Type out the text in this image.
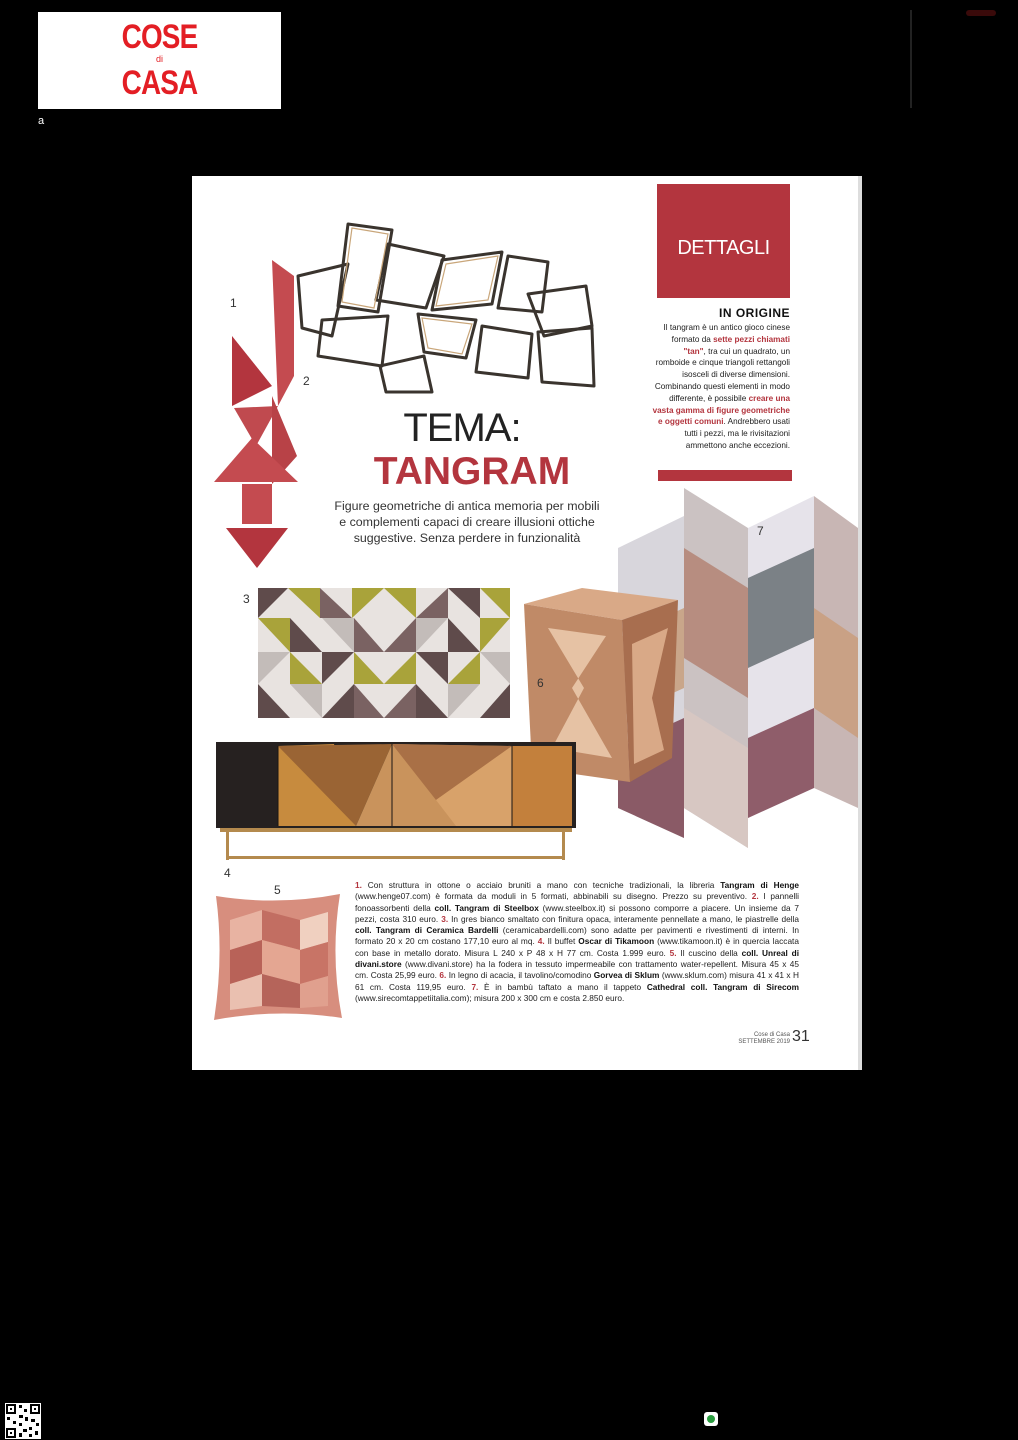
COSE
di
CASA
a
DETTAGLI
IN ORIGINE
Il tangram è un antico gioco cinese formato da sette pezzi chiamati "tan", tra cui un quadrato, un romboide e cinque triangoli rettangoli isosceli di diverse dimensioni. Combinando questi elementi in modo differente, è possibile creare una vasta gamma di figure geometriche e oggetti comuni. Andrebbero usati tutti i pezzi, ma le rivisitazioni ammettono anche eccezioni.
TEMA:
TANGRAM
Figure geometriche di antica memoria per mobili e complementi capaci di creare illusioni ottiche suggestive. Senza perdere in funzionalità
1
2
3
4
5
6
7
1. Con struttura in ottone o acciaio bruniti a mano con tecniche tradizionali, la libreria Tangram di Henge (www.henge07.com) è formata da moduli in 5 formati, abbinabili su disegno. Prezzo su preventivo. 2. I pannelli fonoassorbenti della coll. Tangram di Steelbox (www.steelbox.it) si possono comporre a piacere. Un insieme da 7 pezzi, costa 310 euro. 3. In gres bianco smaltato con finitura opaca, interamente pennellate a mano, le piastrelle della coll. Tangram di Ceramica Bardelli (ceramicabardelli.com) sono adatte per pavimenti e rivestimenti di interni. In formato 20 x 20 cm costano 177,10 euro al mq. 4. Il buffet Oscar di Tikamoon (www.tikamoon.it) è in quercia laccata con base in metallo dorato. Misura L 240 x P 48 x H 77 cm. Costa 1.999 euro. 5. Il cuscino della coll. Unreal di divani.store (www.divani.store) ha la fodera in tessuto impermeabile con trattamento water-repellent. Misura 45 x 45 cm. Costa 25,99 euro. 6. In legno di acacia, il tavolino/comodino Gorvea di Sklum (www.sklum.com) misura 41 x 41 x H 61 cm. Costa 119,95 euro. 7. È in bambù taftato a mano il tappeto Cathedral coll. Tangram di Sirecom (www.sirecomtappetiitalia.com); misura 200 x 300 cm e costa 2.850 euro.
Cose di Casa
SETTEMBRE 2019 31
